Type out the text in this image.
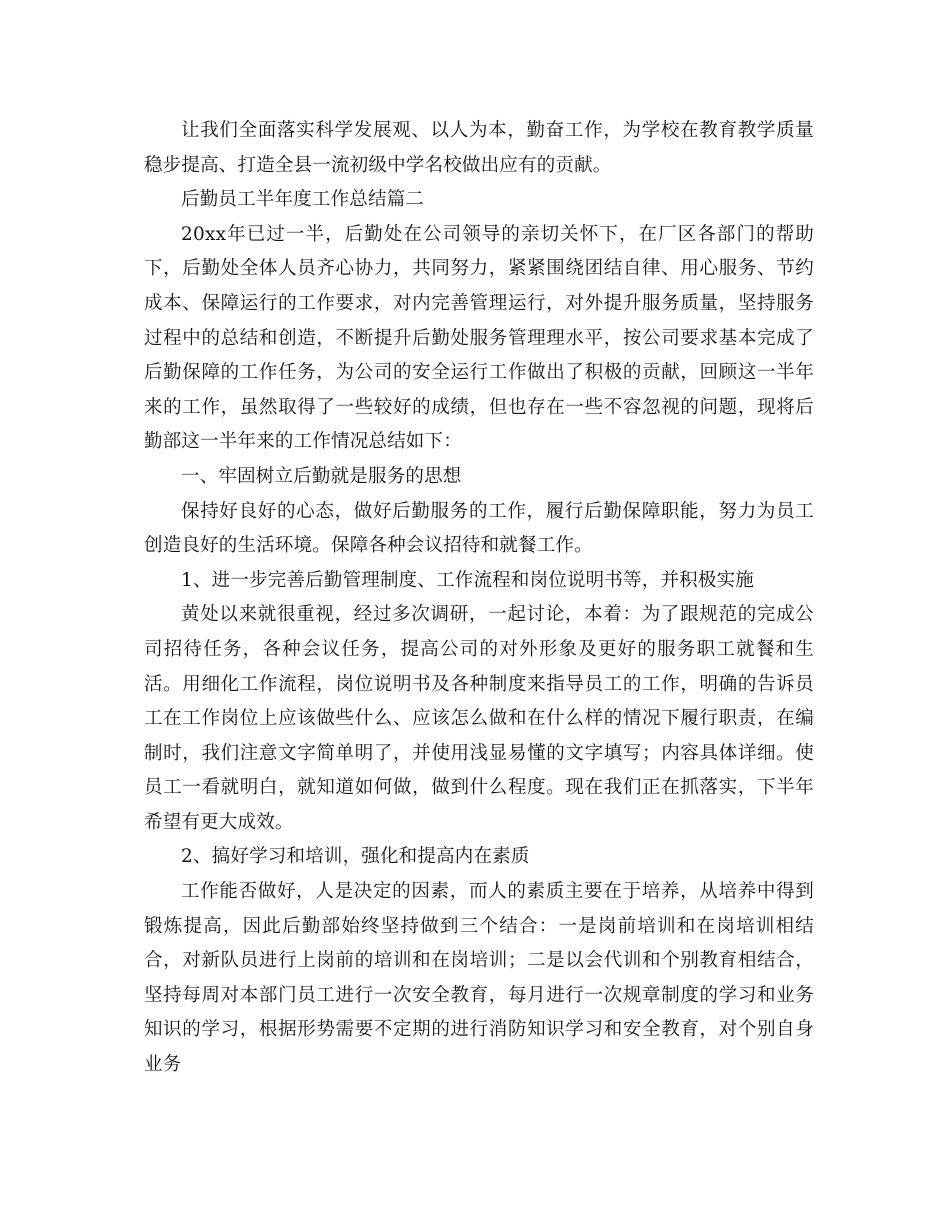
让我们全面落实科学发展观、以人为本，勤奋工作，为学校在教育教学质量稳步提高、打造全县一流初级中学名校做出应有的贡献。

后勤员工半年度工作总结篇二

20xx年已过一半，后勤处在公司领导的亲切关怀下，在厂区各部门的帮助下，后勤处全体人员齐心协力，共同努力，紧紧围绕团结自律、用心服务、节约成本、保障运行的工作要求，对内完善管理运行，对外提升服务质量，坚持服务过程中的总结和创造，不断提升后勤处服务管理理水平，按公司要求基本完成了后勤保障的工作任务，为公司的安全运行工作做出了积极的贡献，回顾这一半年来的工作，虽然取得了一些较好的成绩，但也存在一些不容忽视的问题，现将后勤部这一半年来的工作情况总结如下：

一、牢固树立后勤就是服务的思想

保持好良好的心态，做好后勤服务的工作，履行后勤保障职能，努力为员工创造良好的生活环境。保障各种会议招待和就餐工作。

1、进一步完善后勤管理制度、工作流程和岗位说明书等，并积极实施

黄处以来就很重视，经过多次调研，一起讨论，本着：为了跟规范的完成公司招待任务，各种会议任务，提高公司的对外形象及更好的服务职工就餐和生活。用细化工作流程，岗位说明书及各种制度来指导员工的工作，明确的告诉员工在工作岗位上应该做些什么、应该怎么做和在什么样的情况下履行职责，在编制时，我们注意文字简单明了，并使用浅显易懂的文字填写；内容具体详细。使员工一看就明白，就知道如何做，做到什么程度。现在我们正在抓落实，下半年希望有更大成效。

2、搞好学习和培训，强化和提高内在素质

工作能否做好，人是决定的因素，而人的素质主要在于培养，从培养中得到锻炼提高，因此后勤部始终坚持做到三个结合：一是岗前培训和在岗培训相结合，对新队员进行上岗前的培训和在岗培训；二是以会代训和个别教育相结合，坚持每周对本部门员工进行一次安全教育，每月进行一次规章制度的学习和业务知识的学习，根据形势需要不定期的进行消防知识学习和安全教育，对个别自身业务
